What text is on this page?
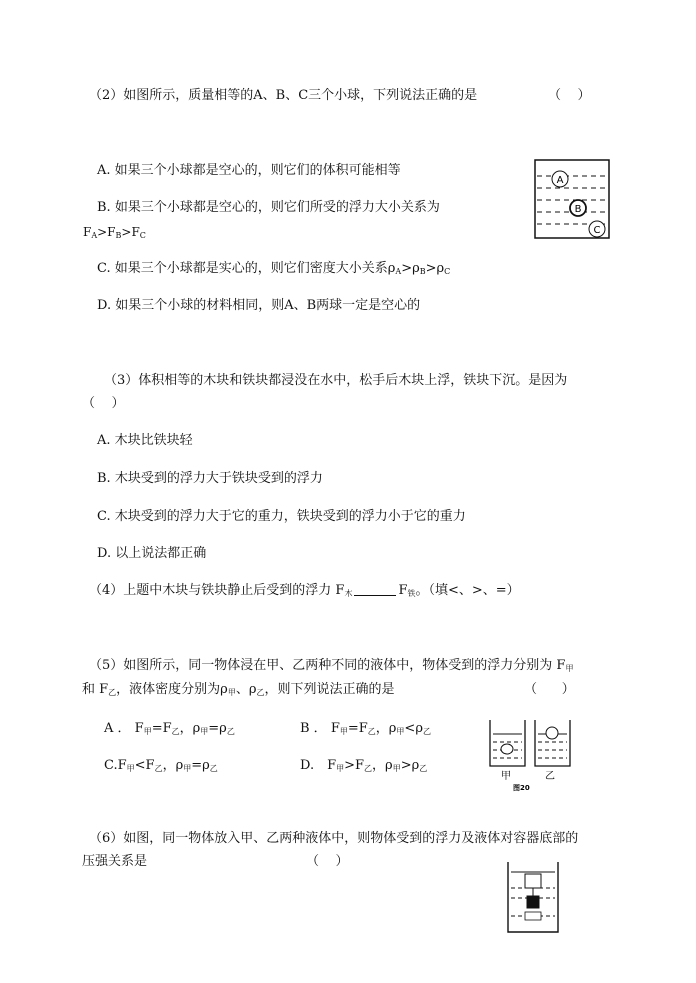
（2）如图所示，质量相等的A、B、C三个小球，下列说法正确的是	（    ）
A. 如果三个小球都是空心的，则它们的体积可能相等
B. 如果三个小球都是空心的，则它们所受的浮力大小关系为
$F_A>F_B>F_C$
C. 如果三个小球都是实心的，则它们密度大小关系$\rho_A>\rho_B>\rho_C$
D. 如果三个小球的材料相同，则A、B两球一定是空心的
A
B
C
（3）体积相等的木块和铁块都浸没在水中，松手后木块上浮，铁块下沉。是因为
（    ）
A. 木块比铁块轻
B. 木块受到的浮力大于铁块受到的浮力
C. 木块受到的浮力大于它的重力，铁块受到的浮力小于它的重力
D. 以上说法都正确
（4）上题中木块与铁块静止后受到的浮力 $F_木$	$F_铁$。（填<、>、=）
（5）如图所示，同一物体浸在甲、乙两种不同的液体中，物体受到的浮力分别为 $F_甲$
和 $F_乙$，液体密度分别为$\rho_甲$、$\rho_乙$，则下列说法正确的是	（      ）
A ． $F_甲=F_乙$，$\rho_甲=\rho_乙$	B ． $F_甲=F_乙$，$\rho_甲<\rho_乙$
$C.F_甲<F_乙$，$\rho_甲=\rho_乙$	D.　$F_甲>F_乙$，$\rho_甲>\rho_乙$
甲	乙
图20
（6）如图，同一物体放入甲、乙两种液体中，则物体受到的浮力及液体对容器底部的
压强关系是	（    ）
